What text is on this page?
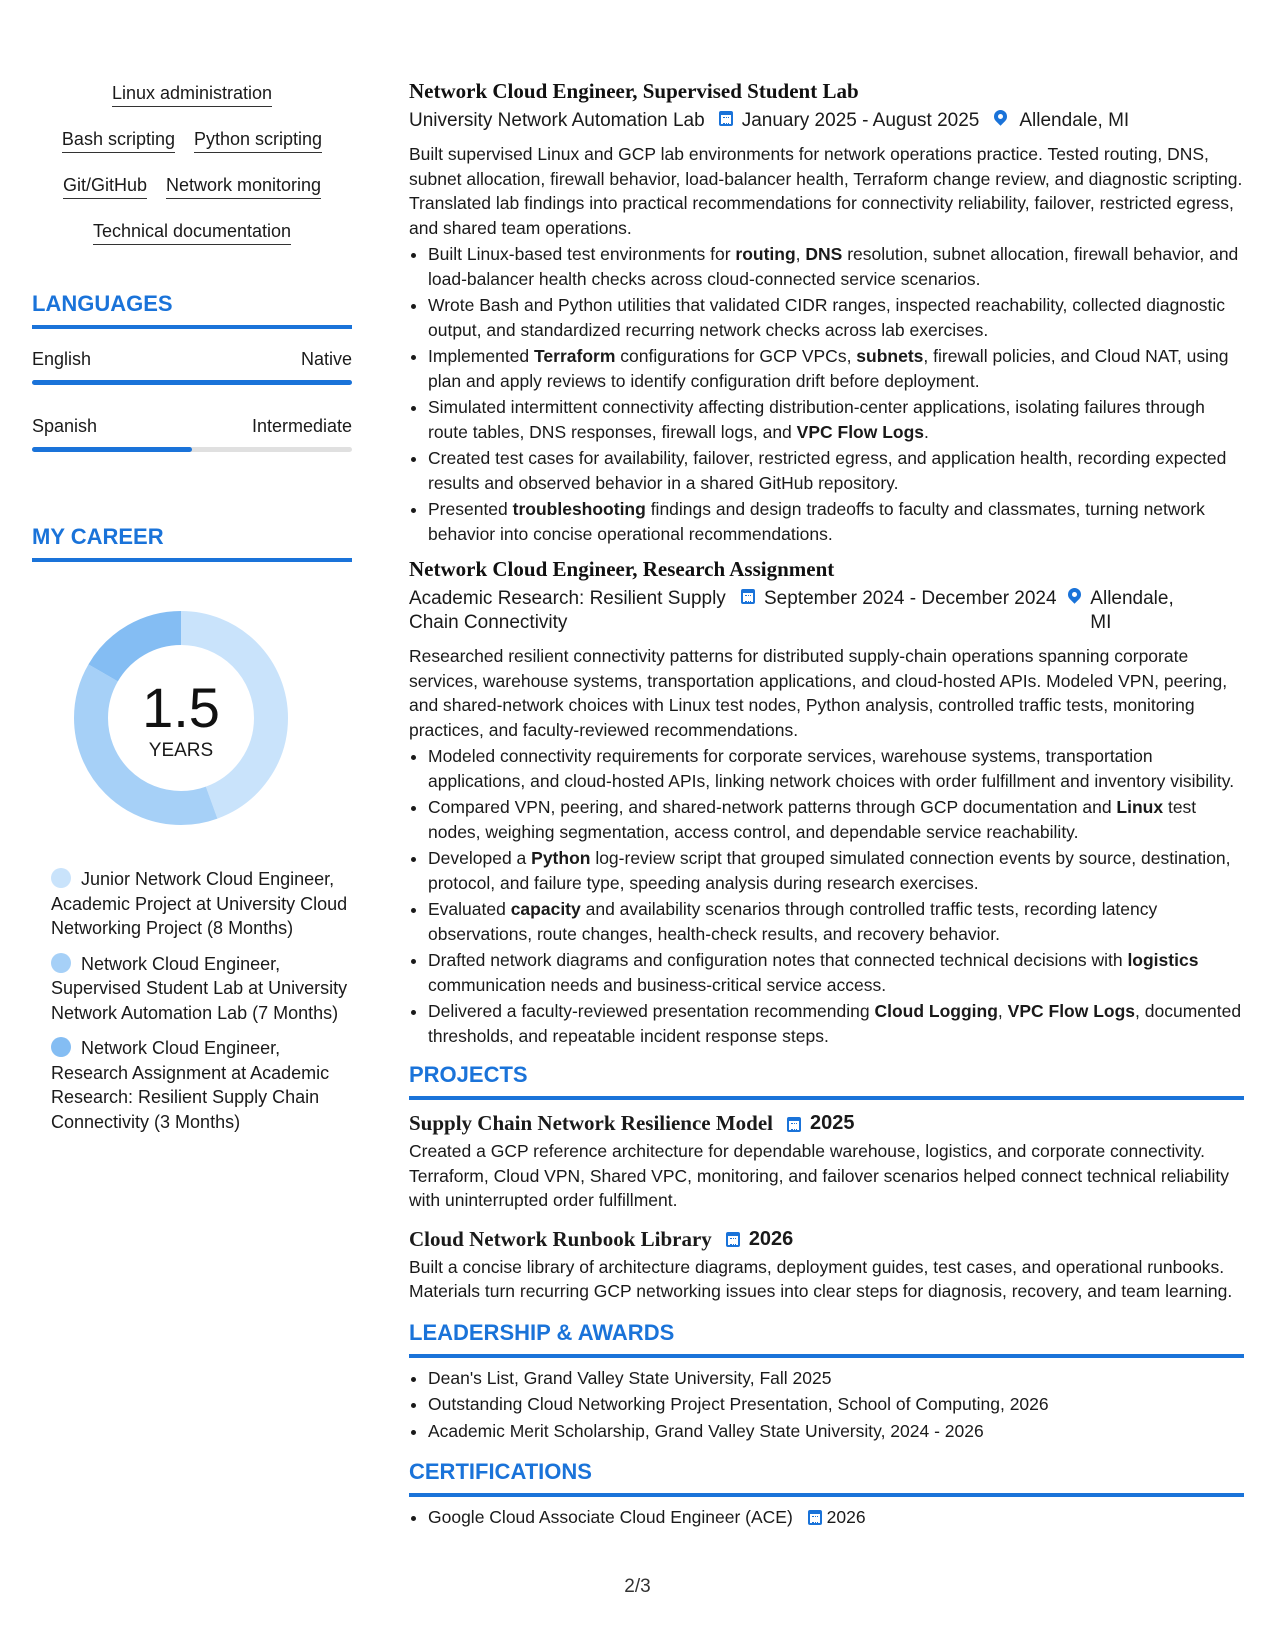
Linux administration
Bash scripting Python scripting
Git/GitHub Network monitoring
Technical documentation
LANGUAGES
English	Native
Spanish	Intermediate
MY CAREER
1.5
YEARS
Junior Network Cloud Engineer, Academic Project at University Cloud Networking Project (8 Months)
Network Cloud Engineer, Supervised Student Lab at University Network Automation Lab (7 Months)
Network Cloud Engineer, Research Assignment at Academic Research: Resilient Supply Chain Connectivity (3 Months)
Network Cloud Engineer, Supervised Student Lab
University Network Automation Lab January 2025 - August 2025 Allendale, MI
Built supervised Linux and GCP lab environments for network operations practice. Tested routing, DNS, subnet allocation, firewall behavior, load-balancer health, Terraform change review, and diagnostic scripting. Translated lab findings into practical recommendations for connectivity reliability, failover, restricted egress, and shared team operations.
• Built Linux-based test environments for routing, DNS resolution, subnet allocation, firewall behavior, and load-balancer health checks across cloud-connected service scenarios.
• Wrote Bash and Python utilities that validated CIDR ranges, inspected reachability, collected diagnostic output, and standardized recurring network checks across lab exercises.
• Implemented Terraform configurations for GCP VPCs, subnets, firewall policies, and Cloud NAT, using plan and apply reviews to identify configuration drift before deployment.
• Simulated intermittent connectivity affecting distribution-center applications, isolating failures through route tables, DNS responses, firewall logs, and VPC Flow Logs.
• Created test cases for availability, failover, restricted egress, and application health, recording expected results and observed behavior in a shared GitHub repository.
• Presented troubleshooting findings and design tradeoffs to faculty and classmates, turning network behavior into concise operational recommendations.
Network Cloud Engineer, Research Assignment
Academic Research: Resilient Supply Chain Connectivity
September 2024 - December 2024 Allendale, MI
Researched resilient connectivity patterns for distributed supply-chain operations spanning corporate services, warehouse systems, transportation applications, and cloud-hosted APIs. Modeled VPN, peering, and shared-network choices with Linux test nodes, Python analysis, controlled traffic tests, monitoring practices, and faculty-reviewed recommendations.
• Modeled connectivity requirements for corporate services, warehouse systems, transportation applications, and cloud-hosted APIs, linking network choices with order fulfillment and inventory visibility.
• Compared VPN, peering, and shared-network patterns through GCP documentation and Linux test nodes, weighing segmentation, access control, and dependable service reachability.
• Developed a Python log-review script that grouped simulated connection events by source, destination, protocol, and failure type, speeding analysis during research exercises.
• Evaluated capacity and availability scenarios through controlled traffic tests, recording latency observations, route changes, health-check results, and recovery behavior.
• Drafted network diagrams and configuration notes that connected technical decisions with logistics communication needs and business-critical service access.
• Delivered a faculty-reviewed presentation recommending Cloud Logging, VPC Flow Logs, documented thresholds, and repeatable incident response steps.
PROJECTS
Supply Chain Network Resilience Model 2025
Created a GCP reference architecture for dependable warehouse, logistics, and corporate connectivity. Terraform, Cloud VPN, Shared VPC, monitoring, and failover scenarios helped connect technical reliability with uninterrupted order fulfillment.
Cloud Network Runbook Library 2026
Built a concise library of architecture diagrams, deployment guides, test cases, and operational runbooks. Materials turn recurring GCP networking issues into clear steps for diagnosis, recovery, and team learning.
LEADERSHIP & AWARDS
• Dean's List, Grand Valley State University, Fall 2025
• Outstanding Cloud Networking Project Presentation, School of Computing, 2026
• Academic Merit Scholarship, Grand Valley State University, 2024 - 2026
CERTIFICATIONS
• Google Cloud Associate Cloud Engineer (ACE) 2026
2/3
